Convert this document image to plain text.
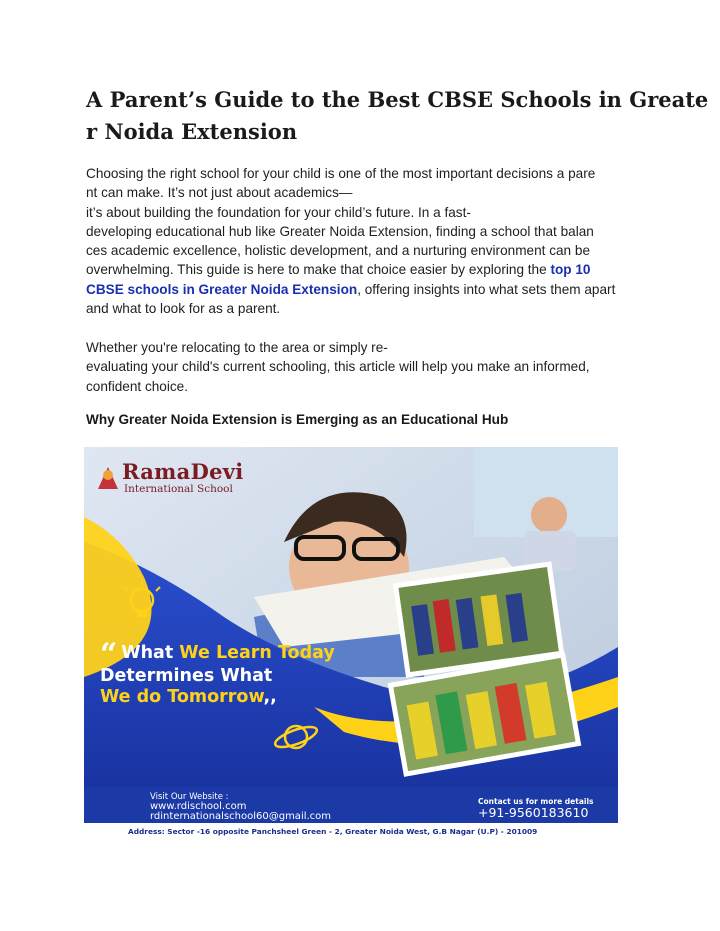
A Parent’s Guide to the Best CBSE Schools in Greate
r Noida Extension
Choosing the right school for your child is one of the most important decisions a pare
nt can make. It’s not just about academics—
it’s about building the foundation for your child’s future. In a fast-
developing educational hub like Greater Noida Extension, finding a school that balan
ces academic excellence, holistic development, and a nurturing environment can be
overwhelming. This guide is here to make that choice easier by exploring the top 10
CBSE schools in Greater Noida Extension, offering insights into what sets them apart
and what to look for as a parent.
Whether you're relocating to the area or simply re-
evaluating your child's current schooling, this article will help you make an informed,
confident choice.
Why Greater Noida Extension is Emerging as an Educational Hub
RamaDevi
International School
“ What We Learn Today
Determines What
We do Tomorrow,,
Visit Our Website :
www.rdischool.com
rdinternationalschool60@gmail.com
Contact us for more details
+91-9560183610
Address: Sector -16 opposite Panchsheel Green - 2, Greater Noida West, G.B Nagar (U.P) - 201009
